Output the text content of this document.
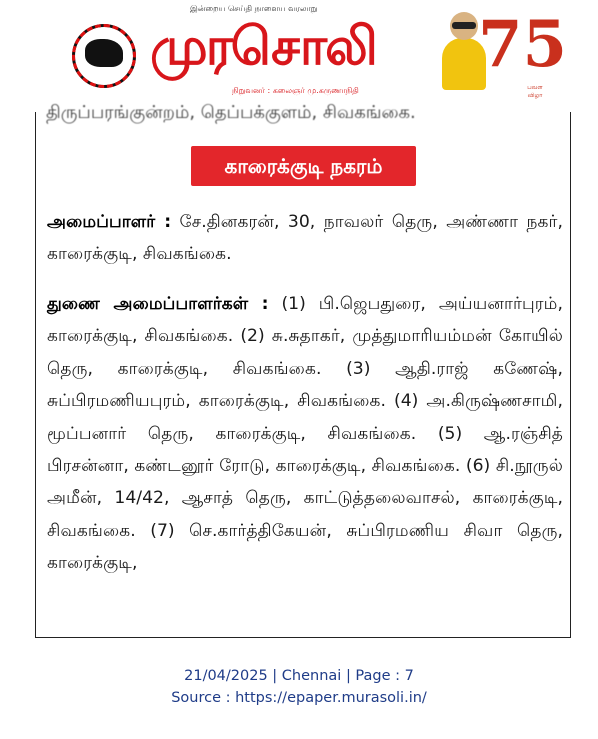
இன்றைய செய்தி நாளைய வரலாறு
முரசொலி
நிறுவனர் : கலைஞர் மு.கருணாநிதி
75
பவள விழா
திருப்பரங்குன்றம், தெப்பக்குளம், சிவகங்கை.
காரைக்குடி நகரம்
அமைப்பாளர் : சே.தினகரன், 30, நாவலர் தெரு, அண்ணா நகர், காரைக்குடி, சிவகங்கை.
துணை அமைப்பாளர்கள் : (1) பி.ஜெபதுரை, அய்யனார்புரம், காரைக்குடி, சிவகங்கை. (2) சு.சுதாகர், முத்துமாரியம்மன் கோயில் தெரு, காரைக்குடி, சிவகங்கை. (3) ஆதி.ராஜ் கணேஷ், சுப்பிரமணியபுரம், காரைக்குடி, சிவகங்கை. (4) அ.கிருஷ்ணசாமி, மூப்பனார் தெரு, காரைக்குடி, சிவகங்கை. (5) ஆ.ரஞ்சித் பிரசன்னா, கண்டனூர் ரோடு, காரைக்குடி, சிவகங்கை. (6) சி.நூருல் அமீன், 14/42, ஆசாத் தெரு, காட்டுத்தலைவாசல், காரைக்குடி, சிவகங்கை. (7) செ.கார்த்திகேயன், சுப்பிரமணிய சிவா தெரு, காரைக்குடி,
21/04/2025 | Chennai | Page : 7
Source : https://epaper.murasoli.in/
